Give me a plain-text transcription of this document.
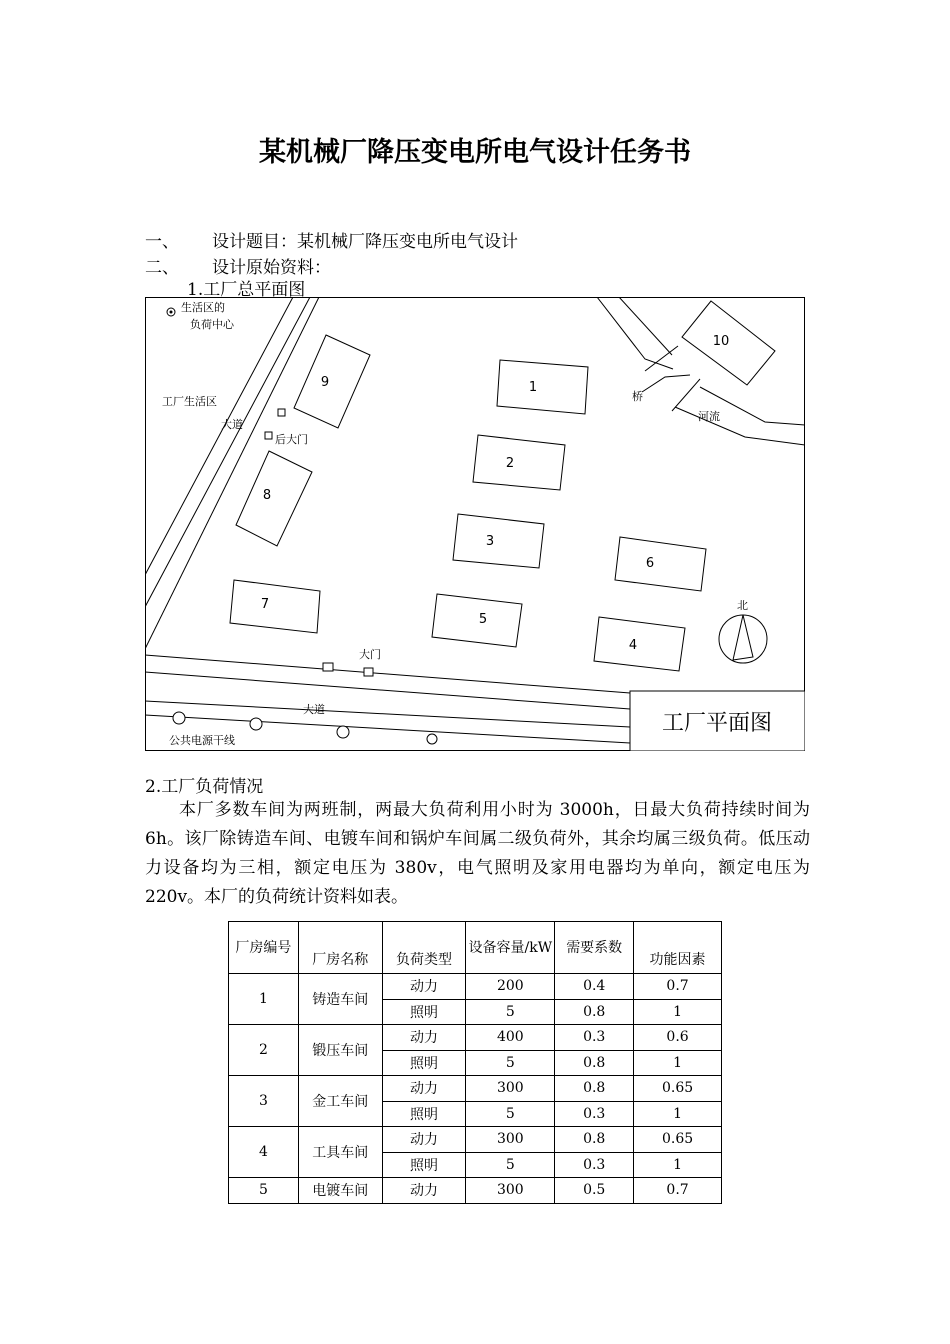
某机械厂降压变电所电气设计任务书
一、 设计题目：某机械厂降压变电所电气设计
二、 设计原始资料：
1.工厂总平面图
生活区的
负荷中心
工厂生活区
大道
后大门
桥
河流
北
大门
大道
公共电源干线
1
2
3
4
5
6
7
8
9
10
工厂平面图
2.工厂负荷情况
本厂多数车间为两班制，两最大负荷利用小时为 3000h，日最大负荷持续时间为 6h。该厂除铸造车间、电镀车间和锅炉车间属二级负荷外，其余均属三级负荷。低压动力设备均为三相，额定电压为 380v，电气照明及家用电器均为单向，额定电压为 220v。本厂的负荷统计资料如表。
厂房编号	厂房名称	负荷类型	设备容量/kW	需要系数	功能因素
1	铸造车间	动力	200	0.4	0.7
		照明	5	0.8	1
2	锻压车间	动力	400	0.3	0.6
		照明	5	0.8	1
3	金工车间	动力	300	0.8	0.65
		照明	5	0.3	1
4	工具车间	动力	300	0.8	0.65
		照明	5	0.3	1
5	电镀车间	动力	300	0.5	0.7
